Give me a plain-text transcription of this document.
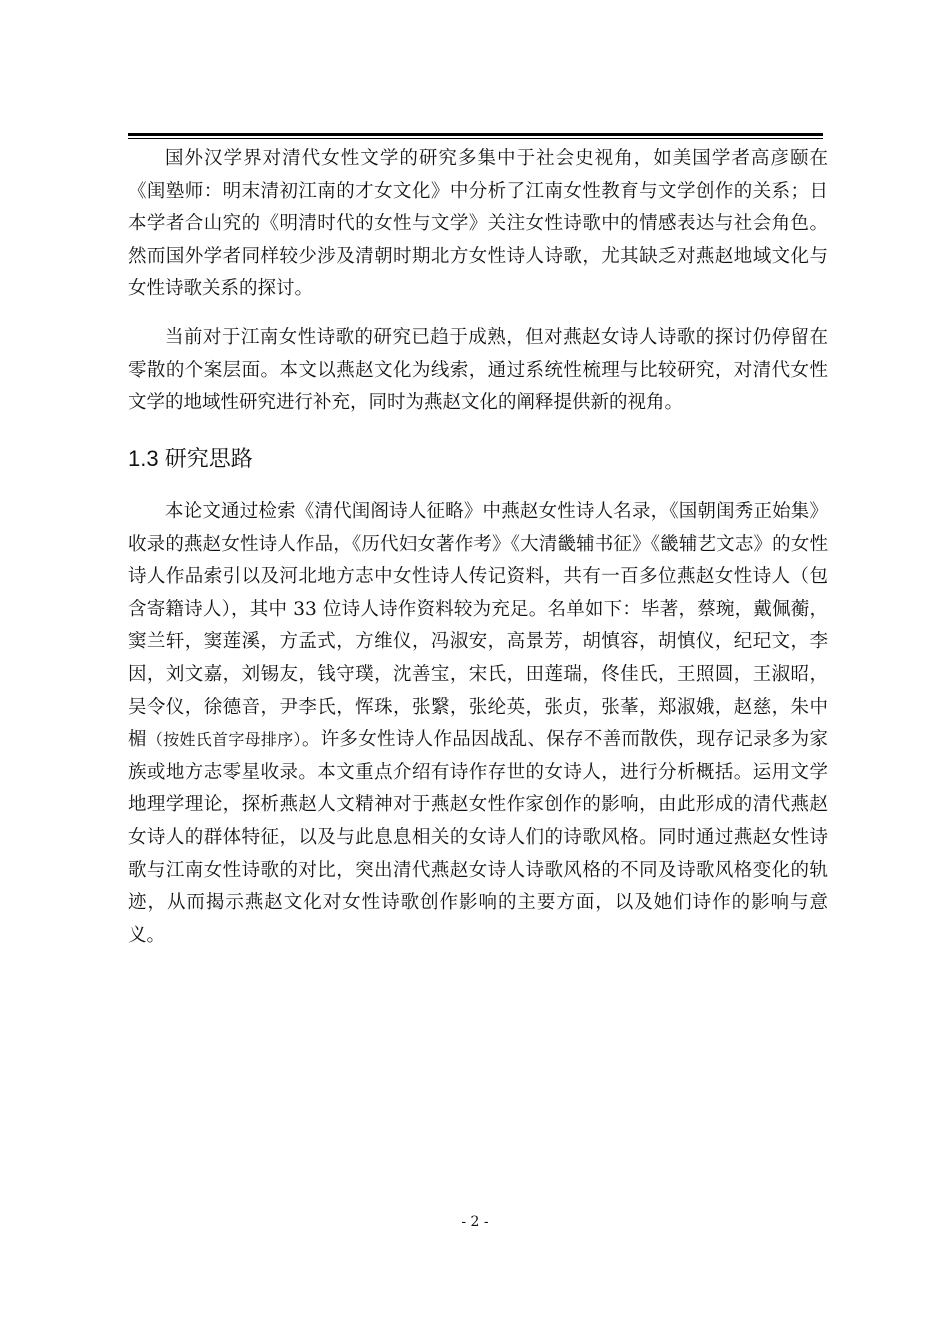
国外汉学界对清代女性文学的研究多集中于社会史视角，如美国学者高彦颐在《闺塾师：明末清初江南的才女文化》中分析了江南女性教育与文学创作的关系；日本学者合山究的《明清时代的女性与文学》关注女性诗歌中的情感表达与社会角色。然而国外学者同样较少涉及清朝时期北方女性诗人诗歌，尤其缺乏对燕赵地域文化与女性诗歌关系的探讨。

当前对于江南女性诗歌的研究已趋于成熟，但对燕赵女诗人诗歌的探讨仍停留在零散的个案层面。本文以燕赵文化为线索，通过系统性梳理与比较研究，对清代女性文学的地域性研究进行补充，同时为燕赵文化的阐释提供新的视角。

1.3 研究思路

本论文通过检索《清代闺阁诗人征略》中燕赵女性诗人名录，《国朝闺秀正始集》收录的燕赵女性诗人作品，《历代妇女著作考》《大清畿辅书征》《畿辅艺文志》的女性诗人作品索引以及河北地方志中女性诗人传记资料，共有一百多位燕赵女性诗人（包含寄籍诗人），其中 33 位诗人诗作资料较为充足。名单如下：毕著，蔡琬，戴佩蘅，窦兰轩，窦莲溪，方孟式，方维仪，冯淑安，高景芳，胡慎容，胡慎仪，纪玘文，李因，刘文嘉，刘锡友，钱守璞，沈善宝，宋氏，田莲瑞，佟佳氏，王照圆，王淑昭，吴令仪，徐德音，尹李氏，恽珠，张繄，张纶英，张贞，张莑，郑淑娥，赵慈，朱中楣（按姓氏首字母排序）。许多女性诗人作品因战乱、保存不善而散佚，现存记录多为家族或地方志零星收录。本文重点介绍有诗作存世的女诗人，进行分析概括。运用文学地理学理论，探析燕赵人文精神对于燕赵女性作家创作的影响，由此形成的清代燕赵女诗人的群体特征，以及与此息息相关的女诗人们的诗歌风格。同时通过燕赵女性诗歌与江南女性诗歌的对比，突出清代燕赵女诗人诗歌风格的不同及诗歌风格变化的轨迹，从而揭示燕赵文化对女性诗歌创作影响的主要方面，以及她们诗作的影响与意义。

- 2 -
